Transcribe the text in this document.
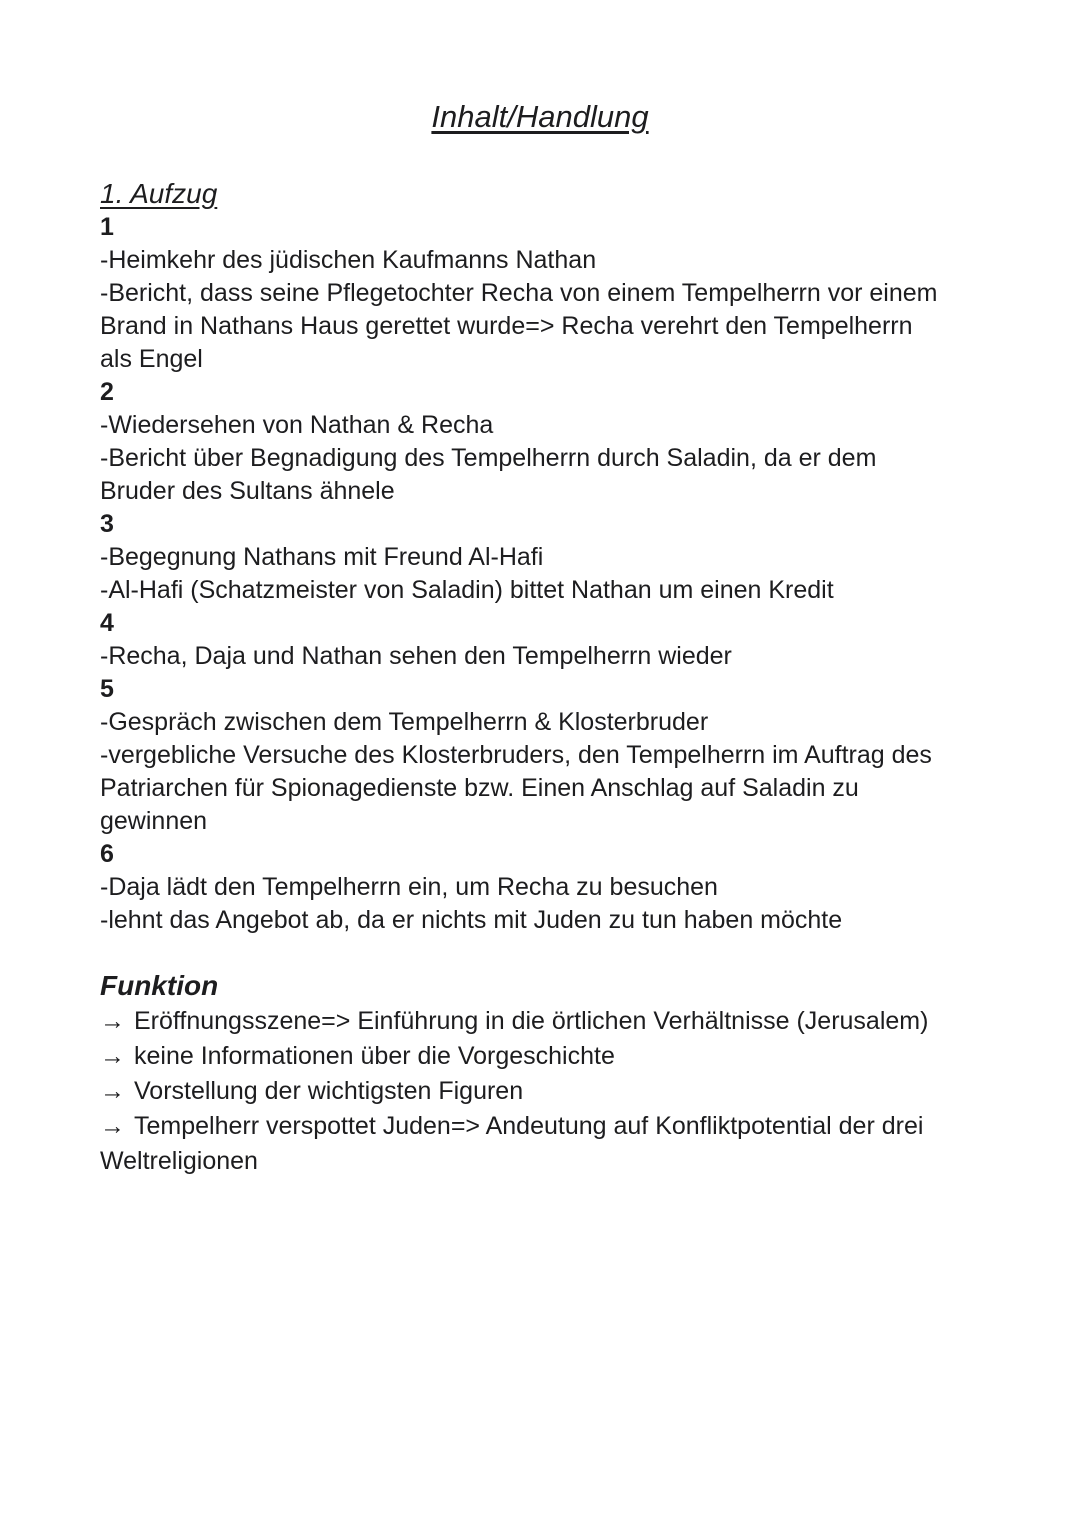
Inhalt/Handlung
1. Aufzug
1
-Heimkehr des jüdischen Kaufmanns Nathan
-Bericht, dass seine Pflegetochter Recha von einem Tempelherrn vor einem
Brand in Nathans Haus gerettet wurde=> Recha verehrt den Tempelherrn
als Engel
2
-Wiedersehen von Nathan & Recha
-Bericht über Begnadigung des Tempelherrn durch Saladin, da er dem
Bruder des Sultans ähnele
3
-Begegnung Nathans mit Freund Al-Hafi
-Al-Hafi (Schatzmeister von Saladin) bittet Nathan um einen Kredit
4
-Recha, Daja und Nathan sehen den Tempelherrn wieder
5
-Gespräch zwischen dem Tempelherrn & Klosterbruder
-vergebliche Versuche des Klosterbruders, den Tempelherrn im Auftrag des
Patriarchen für Spionagedienste bzw. Einen Anschlag auf Saladin zu
gewinnen
6
-Daja lädt den Tempelherrn ein, um Recha zu besuchen
-lehnt das Angebot ab, da er nichts mit Juden zu tun haben möchte
Funktion
→ Eröffnungsszene=> Einführung in die örtlichen Verhältnisse (Jerusalem)
→ keine Informationen über die Vorgeschichte
→ Vorstellung der wichtigsten Figuren
→ Tempelherr verspottet Juden=> Andeutung auf Konfliktpotential der drei
Weltreligionen
